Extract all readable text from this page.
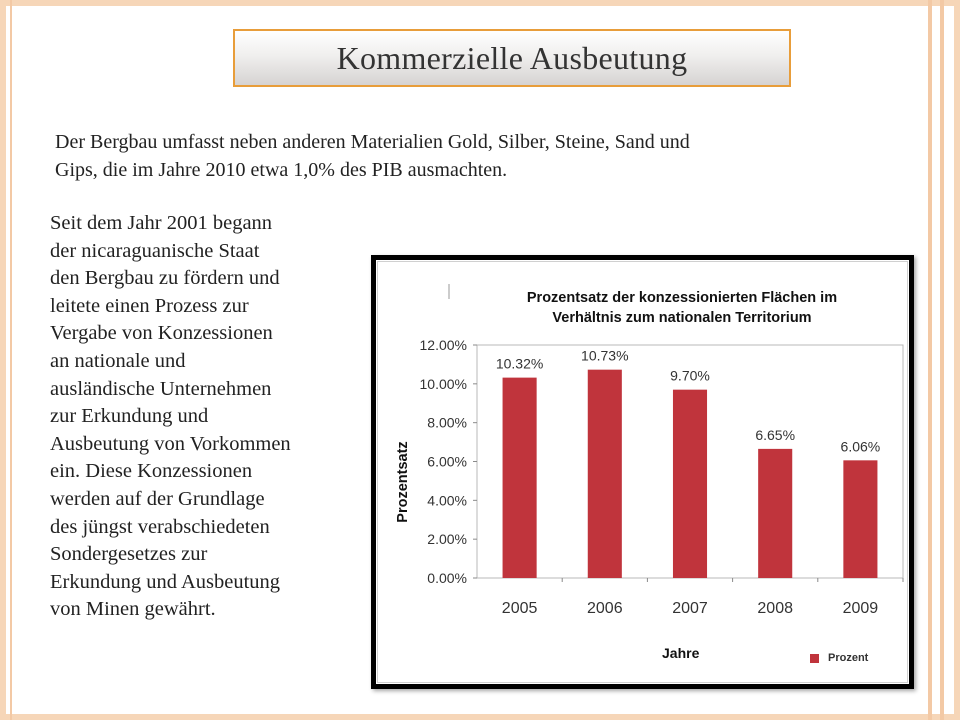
Kommerzielle Ausbeutung
Der Bergbau umfasst neben anderen Materialien Gold, Silber, Steine, Sand und
Gips, die im Jahre 2010 etwa 1,0% des PIB ausmachten.
Seit dem Jahr 2001 begann
der nicaraguanische Staat
den Bergbau zu fördern und
leitete einen Prozess zur
Vergabe von Konzessionen
an nationale und
ausländische Unternehmen
zur Erkundung und
Ausbeutung von Vorkommen
ein. Diese Konzessionen
werden auf der Grundlage
des jüngst verabschiedeten
Sondergesetzes zur
Erkundung und Ausbeutung
von Minen gewährt.
0.00%
2.00%
4.00%
6.00%
8.00%
10.00%
12.00%
10.32%
2005
10.73%
2006
9.70%
2007
6.65%
2008
6.06%
2009
Prozentsatz der konzessionierten Flächen im
Verhältnis zum nationalen Territorium
Prozentsatz
Jahre	Prozent
